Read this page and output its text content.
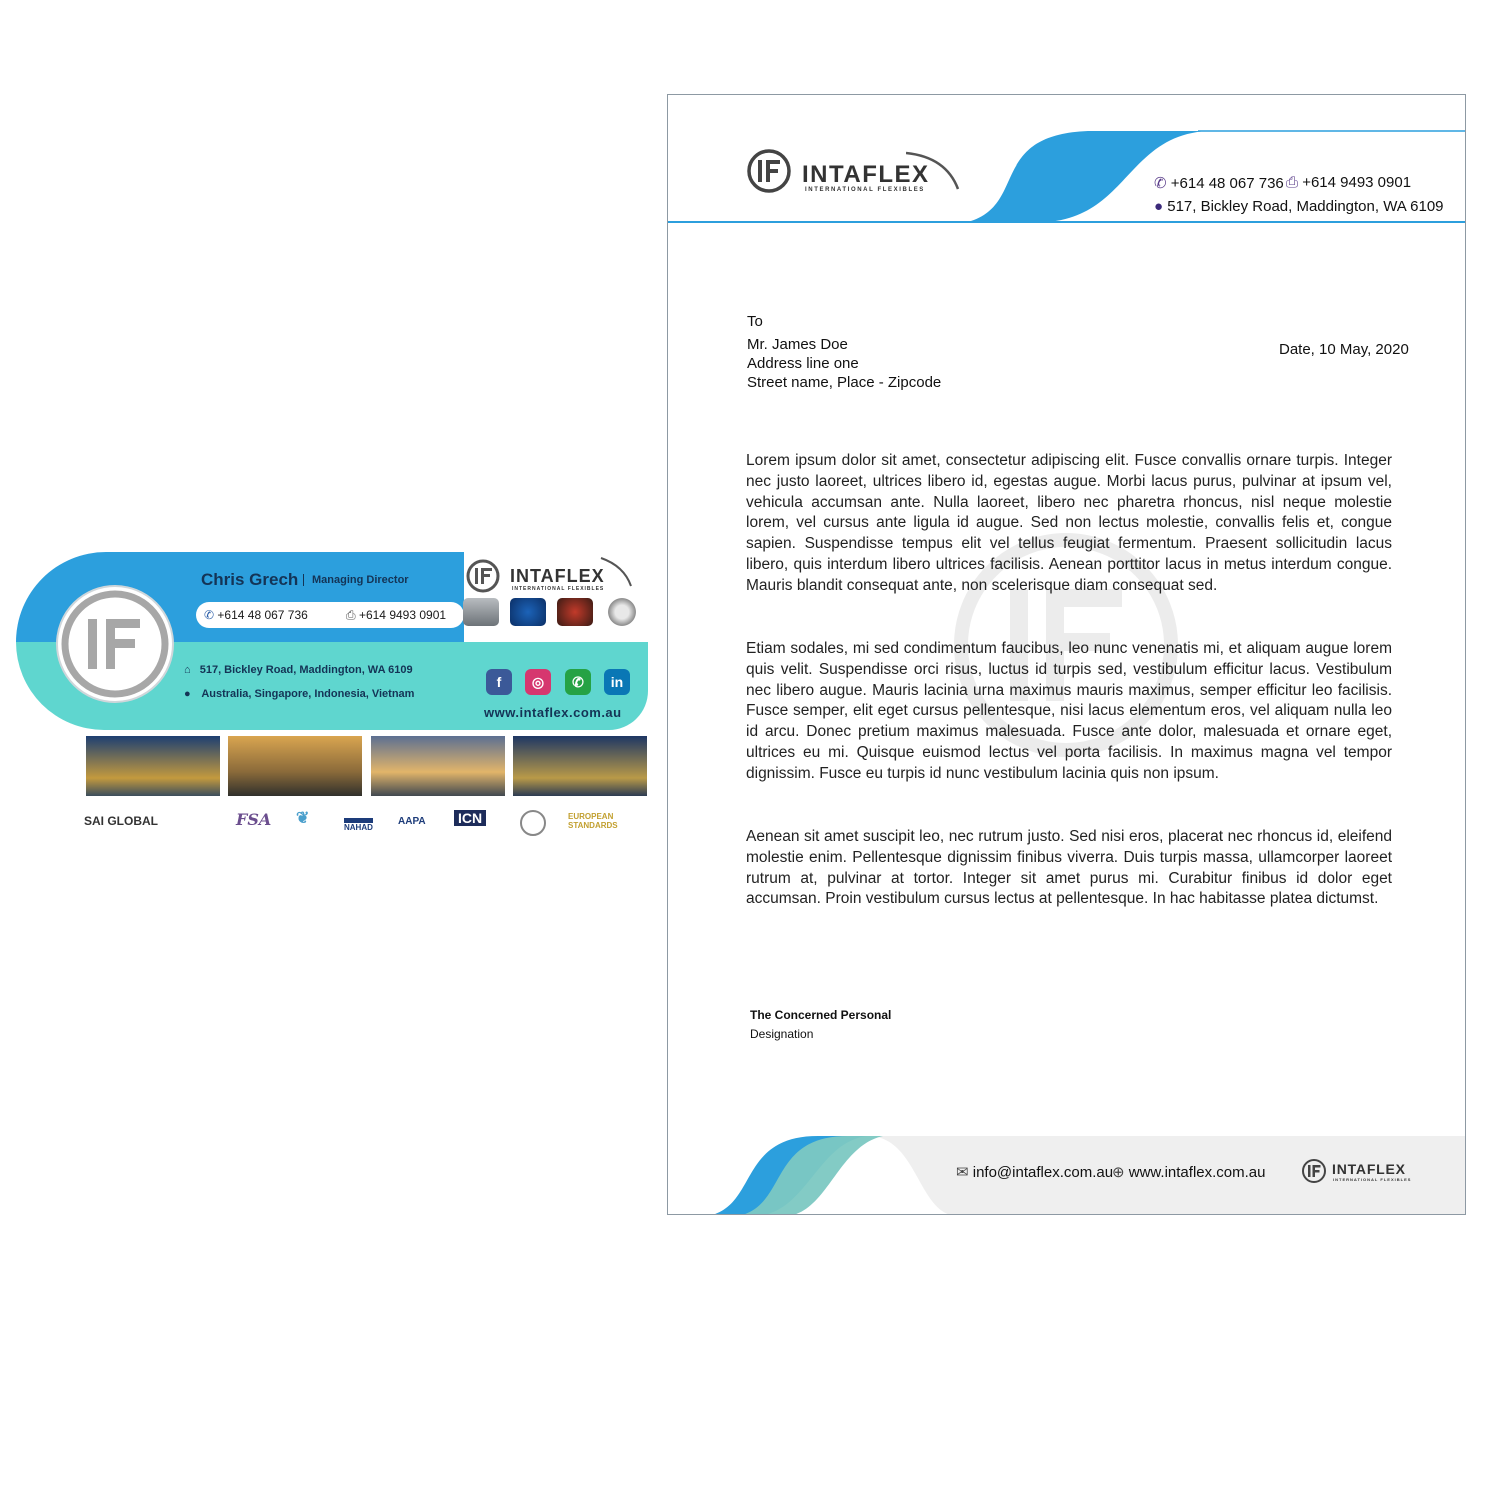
Chris Grech	Managing Director
✆ +614 48 067 736	⎙ +614 9493 0901
INTAFLEX
INTERNATIONAL FLEXIBLES
⌂ 517, Bickley Road, Maddington, WA 6109
● Australia, Singapore, Indonesia, Vietnam
f	◎	✆	in
www.intaflex.com.au
SAI GLOBAL	FSA ❦
NAHAD
AAPA ICN	EUROPEAN STANDARDS
INTAFLEX
INTERNATIONAL FLEXIBLES	✆ +614 48 067 736 ⎙ +614 9493 0901
● 517, Bickley Road, Maddington, WA 6109
To
Mr. James Doe
Address line one
Street name, Place - Zipcode
Date, 10 May, 2020

Lorem ipsum dolor sit amet, consectetur adipiscing elit. Fusce convallis ornare turpis. Integer nec justo laoreet, ultrices libero id, egestas augue. Morbi lacus purus, pulvinar at ipsum vel, vehicula accumsan ante. Nulla laoreet, libero nec pharetra rhoncus, nisl neque molestie lorem, vel cursus ante ligula id augue. Sed non lectus molestie, convallis felis et, congue sapien. Suspendisse tempus elit vel tellus feugiat fermentum. Praesent sollicitudin lacus libero, quis interdum libero ultrices facilisis. Aenean porttitor lacus in metus interdum congue. Mauris blandit consequat ante, non scelerisque diam consequat sed.

Etiam sodales, mi sed condimentum faucibus, leo nunc venenatis mi, et aliquam augue lorem quis velit. Suspendisse orci risus, luctus id turpis sed, vestibulum efficitur lacus. Vestibulum nec libero augue. Mauris lacinia urna maximus mauris maximus, semper efficitur leo facilisis. Fusce semper, elit eget cursus pellentesque, nisi lacus elementum eros, vel aliquam nulla leo id arcu. Donec pretium maximus malesuada. Fusce ante dolor, malesuada et ornare eget, ultrices eu mi. Quisque euismod lectus vel porta facilisis. In maximus magna vel tempor dignissim. Fusce eu turpis id nunc vestibulum lacinia quis non ipsum.

Aenean sit amet suscipit leo, nec rutrum justo. Sed nisi eros, placerat nec rhoncus id, eleifend molestie enim. Pellentesque dignissim finibus viverra. Duis turpis massa, ullamcorper laoreet rutrum at, pulvinar at tortor. Integer sit amet purus mi. Curabitur finibus id dolor eget accumsan. Proin vestibulum cursus lectus at pellentesque. In hac habitasse platea dictumst.

The Concerned Personal
Designation
✉ info@intaflex.com.au
⊕ www.intaflex.com.au	INTAFLEX
INTERNATIONAL FLEXIBLES
